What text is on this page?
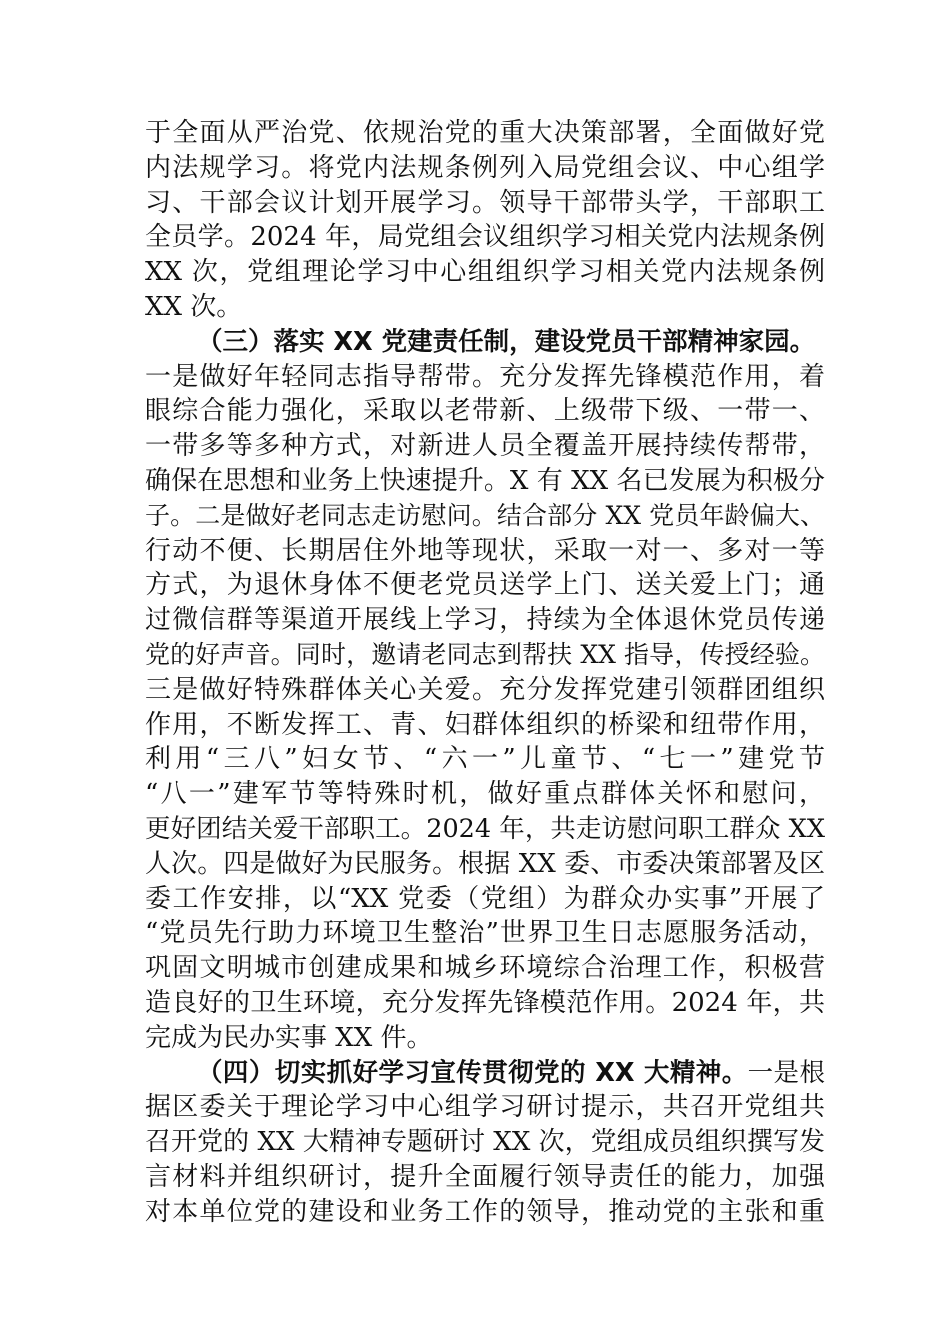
于全面从严治党、依规治党的重大决策部署，全面做好党
内法规学习。将党内法规条例列入局党组会议、中心组学
习、干部会议计划开展学习。领导干部带头学，干部职工
全员学。2024 年，局党组会议组织学习相关党内法规条例
XX 次，党组理论学习中心组组织学习相关党内法规条例
XX 次。
（三）落实 XX 党建责任制，建设党员干部精神家园。
一是做好年轻同志指导帮带。充分发挥先锋模范作用，着
眼综合能力强化，采取以老带新、上级带下级、一带一、
一带多等多种方式，对新进人员全覆盖开展持续传帮带，
确保在思想和业务上快速提升。X 有 XX 名已发展为积极分
子。二是做好老同志走访慰问。结合部分 XX 党员年龄偏大、
行动不便、长期居住外地等现状，采取一对一、多对一等
方式，为退休身体不便老党员送学上门、送关爱上门；通
过微信群等渠道开展线上学习，持续为全体退休党员传递
党的好声音。同时，邀请老同志到帮扶 XX 指导，传授经验。
三是做好特殊群体关心关爱。充分发挥党建引领群团组织
作用，不断发挥工、青、妇群体组织的桥梁和纽带作用，
利用“三八”妇女节、“六一”儿童节、“七一”建党节
“八一”建军节等特殊时机，做好重点群体关怀和慰问，
更好团结关爱干部职工。2024 年，共走访慰问职工群众 XX
人次。四是做好为民服务。根据 XX 委、市委决策部署及区
委工作安排，以“XX 党委（党组）为群众办实事”开展了
“党员先行助力环境卫生整治”世界卫生日志愿服务活动，
巩固文明城市创建成果和城乡环境综合治理工作，积极营
造良好的卫生环境，充分发挥先锋模范作用。2024 年，共
完成为民办实事 XX 件。
（四）切实抓好学习宣传贯彻党的 XX 大精神。一是根
据区委关于理论学习中心组学习研讨提示，共召开党组共
召开党的 XX 大精神专题研讨 XX 次，党组成员组织撰写发
言材料并组织研讨，提升全面履行领导责任的能力，加强
对本单位党的建设和业务工作的领导，推动党的主张和重
